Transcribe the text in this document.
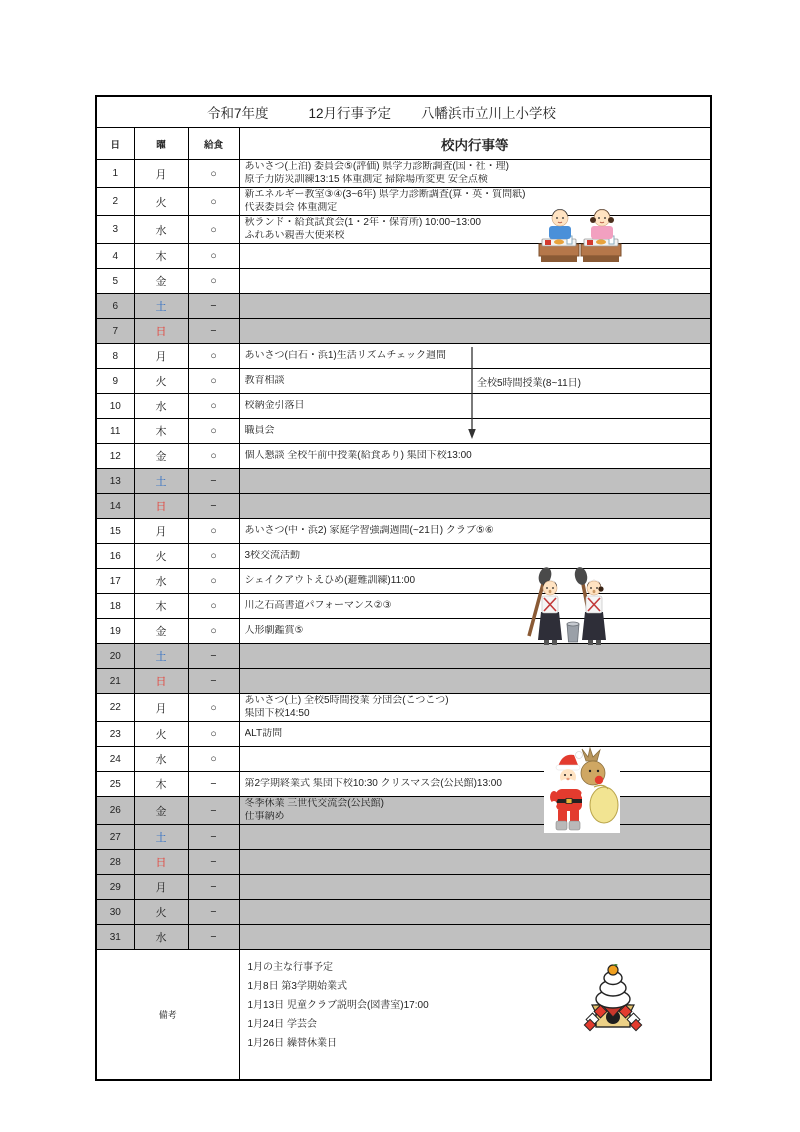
令和7年度 12月行事予定 八幡浜市立川上小学校			

日	曜	給食	校内行事等
1	月	○	あいさつ(上泊) 委員会⑤(評価) 県学力診断調査(国・社・理)
原子力防災訓練13:15 体重測定 掃除場所変更 安全点検

2	火	○	新エネルギー教室③④(3~6年) 県学力診断調査(算・英・質問紙)
代表委員会 体重測定

3	水	○	秋ランド・給食試食会(1・2年・保育所) 10:00~13:00
ふれあい親善大使来校

4	木	○	
5	金	○	
6	土	−	
7	日	−	
8	月	○	あいさつ(白石・浜1)生活リズムチェック週間

9	火	○	教育相談

10	水	○	校納金引落日

11	木	○	職員会

12	金	○	個人懇談 全校午前中授業(給食あり) 集団下校13:00

13	土	−	
14	日	−	
15	月	○	あいさつ(中・浜2) 家庭学習強調週間(~21日) クラブ⑤⑥

16	火	○	3校交流活動

17	水	○	シェイクアウトえひめ(避難訓練)11:00

18	木	○	川之石高書道パフォーマンス②③

19	金	○	人形劇鑑賞⑤

20	土	−	
21	日	−	
22	月	○	あいさつ(上) 全校5時間授業 分団会(こつこつ)
集団下校14:50

23	火	○	ALT訪問

24	水	○	
25	木	−	第2学期終業式 集団下校10:30 クリスマス会(公民館)13:00

26	金	−	冬季休業 三世代交流会(公民館)
仕事納め

27	土	−	
28	日	−	
29	月	−	
30	火	−	
31	水	−	
備考			1月の主な行事予定
1月8日 第3学期始業式
1月13日 児童クラブ説明会(図書室)17:00
1月24日 学芸会
1月26日 繰替休業日
全校5時間授業(8~11日)
